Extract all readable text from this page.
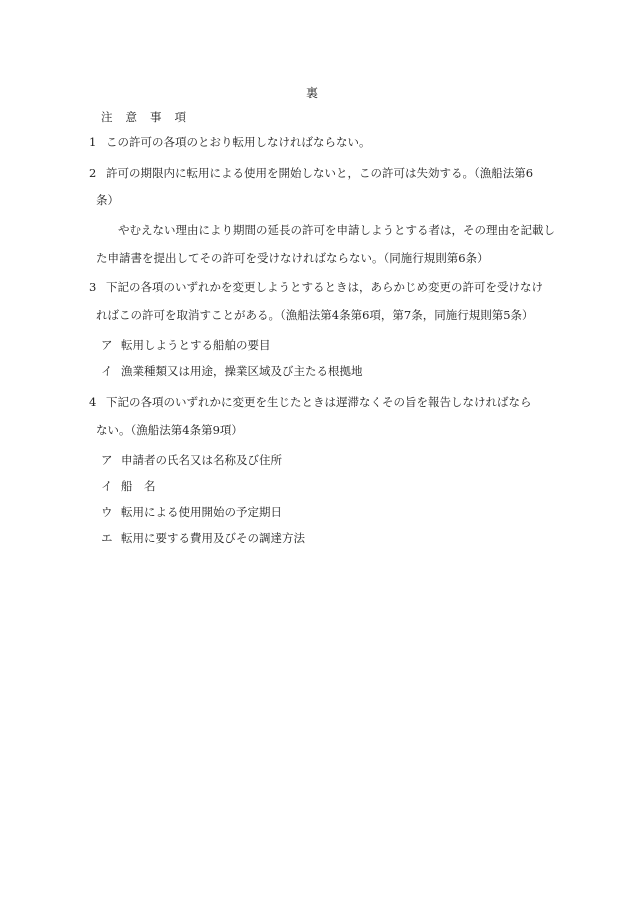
裏
注 意 事 項
1 この許可の各項のとおり転用しなければならない。
2 許可の期限内に転用による使用を開始しないと，この許可は失効する。（漁船法第6
条）
やむえない理由により期間の延長の許可を申請しようとする者は，その理由を記載し
た申請書を提出してその許可を受けなければならない。（同施行規則第6条）
3 下記の各項のいずれかを変更しようとするときは，あらかじめ変更の許可を受けなけ
ればこの許可を取消すことがある。（漁船法第4条第6項，第7条，同施行規則第5条）
ア 転用しようとする船舶の要目
イ 漁業種類又は用途，操業区域及び主たる根拠地
4 下記の各項のいずれかに変更を生じたときは遅滞なくその旨を報告しなければなら
ない。（漁船法第4条第9項）
ア 申請者の氏名又は名称及び住所
イ 船　名
ウ 転用による使用開始の予定期日
エ 転用に要する費用及びその調達方法
